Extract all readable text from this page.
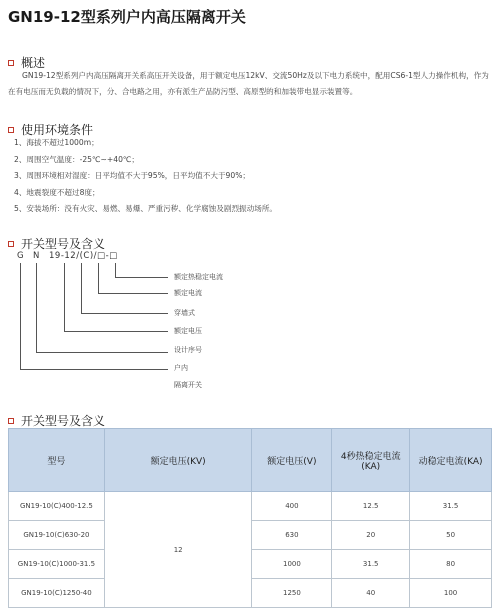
GN19-12型系列户内高压隔离开关
概述
GN19-12型系列户内高压隔离开关系高压开关设备，用于额定电压12kV、交流50Hz及以下电力系统中，配用CS6-1型人力操作机构，作为在有电压而无负载的情况下，分、合电路之用，亦有派生产品防污型、高原型的和加装带电显示装置等。
使用环境条件
1、海拔不超过1000m；
2、周围空气温度：-25℃~+40℃；
3、周围环境相对湿度：日平均值不大于95%，日平均值不大于90%；
4、地震裂度不超过8度；
5、安装场所：没有火灾、易燃、易爆、严重污秽、化学腐蚀及剧烈振动场所。
开关型号及含义
G N 19-12/(C)/□-□
额定热稳定电流
额定电流
穿墙式
额定电压
设计序号
户内
隔离开关
开关型号及含义
型号	额定电压(KV)	额定电压(V)	4秒热稳定电流(KA)	动稳定电流(KA)
GN19-10(C)400-12.5	12	400	12.5	31.5
GN19-10(C)630-20		630	20	50
GN19-10(C)1000-31.5		1000	31.5	80
GN19-10(C)1250-40		1250	40	100
